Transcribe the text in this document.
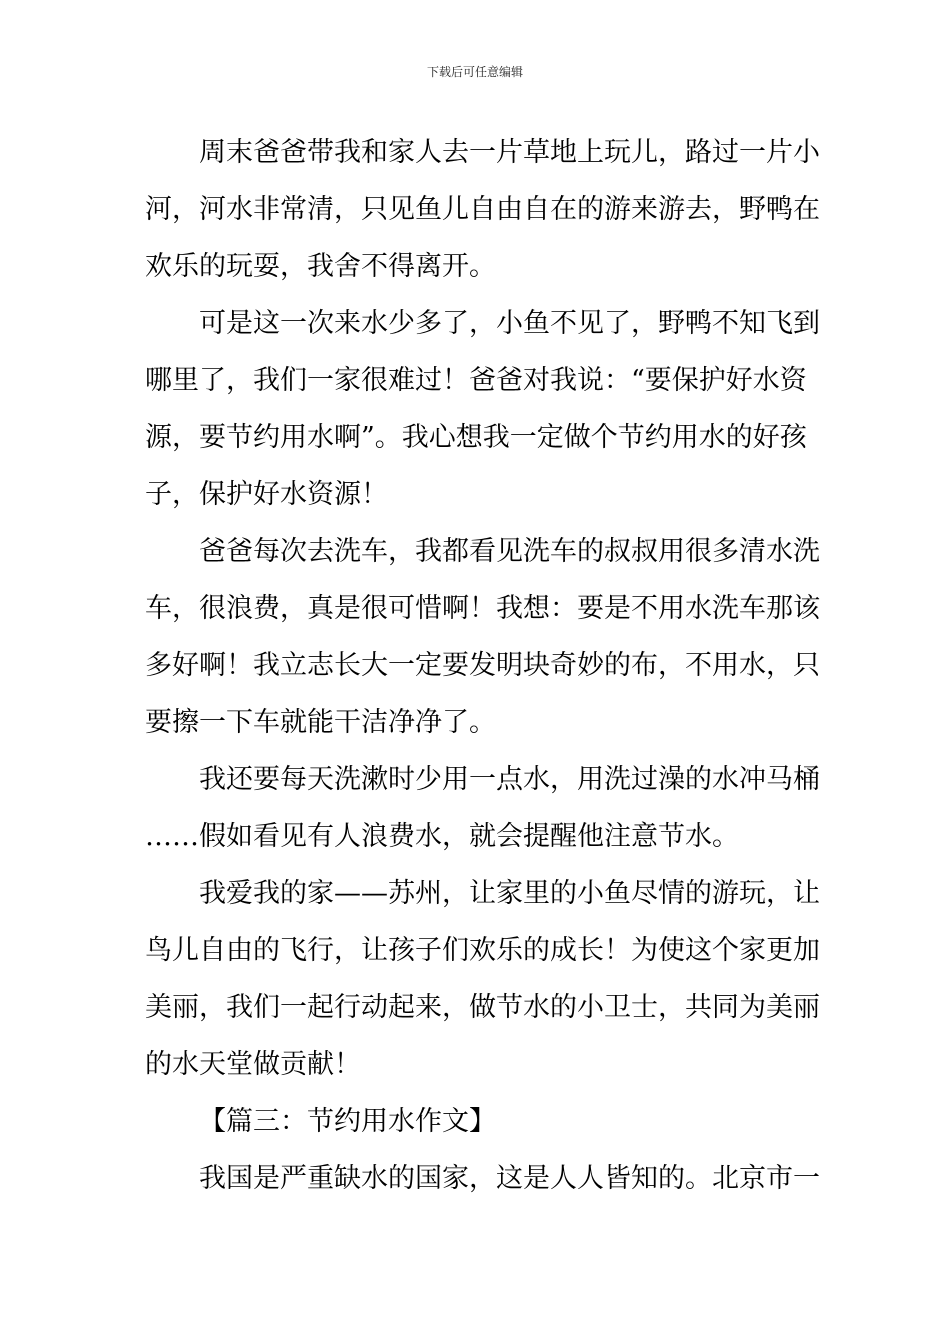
下载后可任意编辑
周末爸爸带我和家人去一片草地上玩儿，路过一片小
河，河水非常清，只见鱼儿自由自在的游来游去，野鸭在
欢乐的玩耍，我舍不得离开。
可是这一次来水少多了，小鱼不见了，野鸭不知飞到
哪里了，我们一家很难过！爸爸对我说：“要保护好水资
源，要节约用水啊”。我心想我一定做个节约用水的好孩
子，保护好水资源！
爸爸每次去洗车，我都看见洗车的叔叔用很多清水洗
车，很浪费，真是很可惜啊！我想：要是不用水洗车那该
多好啊！我立志长大一定要发明块奇妙的布，不用水，只
要擦一下车就能干洁净净了。
我还要每天洗漱时少用一点水，用洗过澡的水冲马桶
……假如看见有人浪费水，就会提醒他注意节水。
我爱我的家——苏州，让家里的小鱼尽情的游玩，让
鸟儿自由的飞行，让孩子们欢乐的成长！为使这个家更加
美丽，我们一起行动起来，做节水的小卫士，共同为美丽
的水天堂做贡献！
【篇三：节约用水作文】
我国是严重缺水的国家，这是人人皆知的。北京市一
